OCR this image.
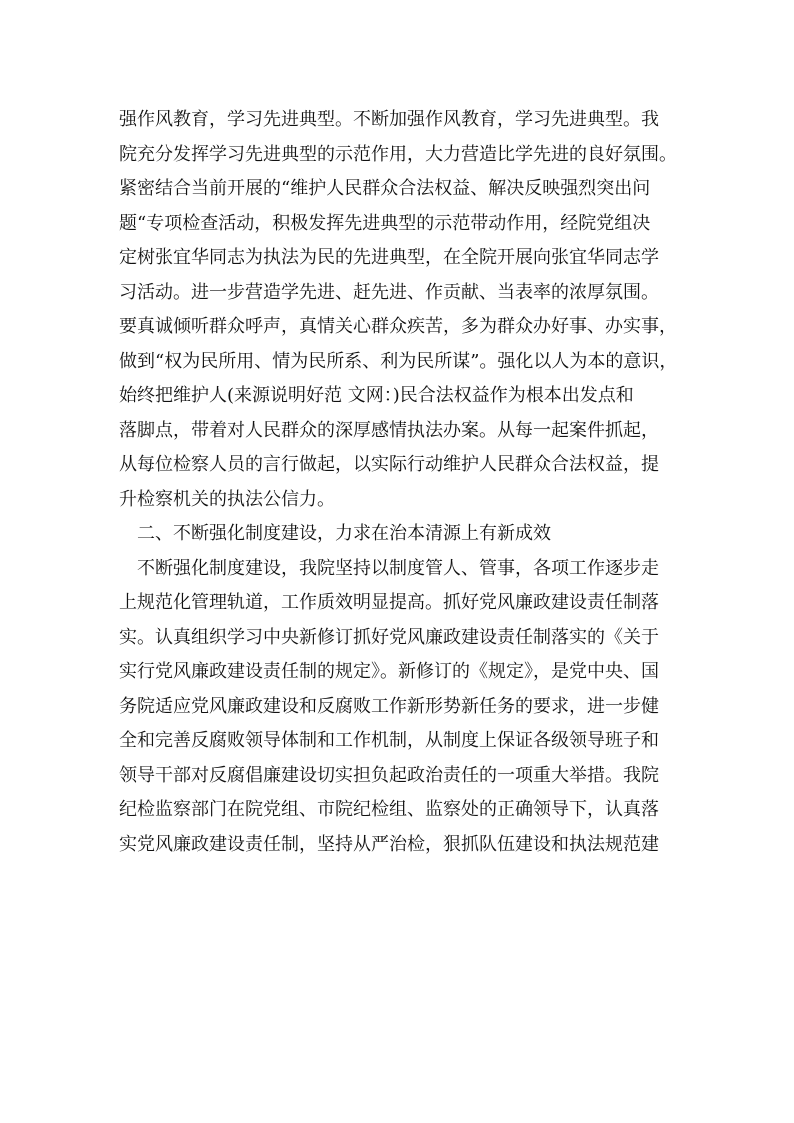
强作风教育，学习先进典型。不断加强作风教育，学习先进典型。我
院充分发挥学习先进典型的示范作用，大力营造比学先进的良好氛围。
紧密结合当前开展的“维护人民群众合法权益、解决反映强烈突出问
题“专项检查活动，积极发挥先进典型的示范带动作用，经院党组决
定树张宜华同志为执法为民的先进典型，在全院开展向张宜华同志学
习活动。进一步营造学先进、赶先进、作贡献、当表率的浓厚氛围。
要真诚倾听群众呼声，真情关心群众疾苦，多为群众办好事、办实事，
做到“权为民所用、情为民所系、利为民所谋”。强化以人为本的意识，
始终把维护人(来源说明好范 文网：)民合法权益作为根本出发点和
落脚点，带着对人民群众的深厚感情执法办案。从每一起案件抓起，
从每位检察人员的言行做起，以实际行动维护人民群众合法权益，提
升检察机关的执法公信力。
二、不断强化制度建设，力求在治本清源上有新成效
不断强化制度建设，我院坚持以制度管人、管事，各项工作逐步走
上规范化管理轨道，工作质效明显提高。抓好党风廉政建设责任制落
实。认真组织学习中央新修订抓好党风廉政建设责任制落实的《关于
实行党风廉政建设责任制的规定》。新修订的《规定》，是党中央、国
务院适应党风廉政建设和反腐败工作新形势新任务的要求，进一步健
全和完善反腐败领导体制和工作机制，从制度上保证各级领导班子和
领导干部对反腐倡廉建设切实担负起政治责任的一项重大举措。我院
纪检监察部门在院党组、市院纪检组、监察处的正确领导下，认真落
实党风廉政建设责任制，坚持从严治检，狠抓队伍建设和执法规范建
